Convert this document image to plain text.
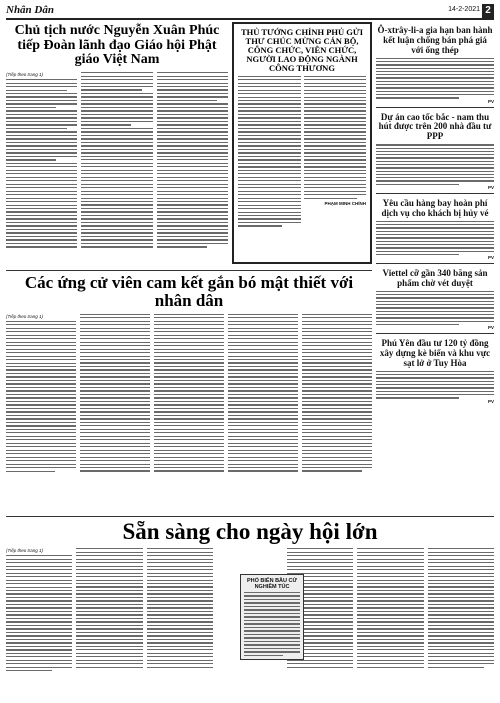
Nhân Dân	14-2-2021 2
Chủ tịch nước Nguyễn Xuân Phúc tiếp Đoàn lãnh đạo Giáo hội Phật giáo Việt Nam
(Tiếp theo trang 1)
THỦ TƯỚNG CHÍNH PHỦ GỬI THƯ CHÚC MỪNG CÁN BỘ, CÔNG CHỨC, VIÊN CHỨC, NGƯỜI LAO ĐỘNG NGÀNH CÔNG THƯƠNG
PHẠM MINH CHÍNH
Các ứng cử viên cam kết gắn bó mật thiết với nhân dân
(Tiếp theo trang 1)
Ô-xtrây-li-a gia hạn ban hành kết luận chống bán phá giá với ống thép
PV
Dự án cao tốc bắc - nam thu hút được trên 200 nhà đầu tư PPP
PV
Yêu cầu hàng bay hoàn phí dịch vụ cho khách bị hủy vé
PV
Viettel cỡ gần 340 băng sản phẩm chờ vét duyệt
PV
Phú Yên đầu tư 120 tỷ đồng xây dựng kè biển và khu vực sạt lở ở Tuy Hòa
PV
Sẵn sàng cho ngày hội lớn
(Tiếp theo trang 1)
PHỔ BIẾN BẦU CỬ NGHIÊM TÚC
